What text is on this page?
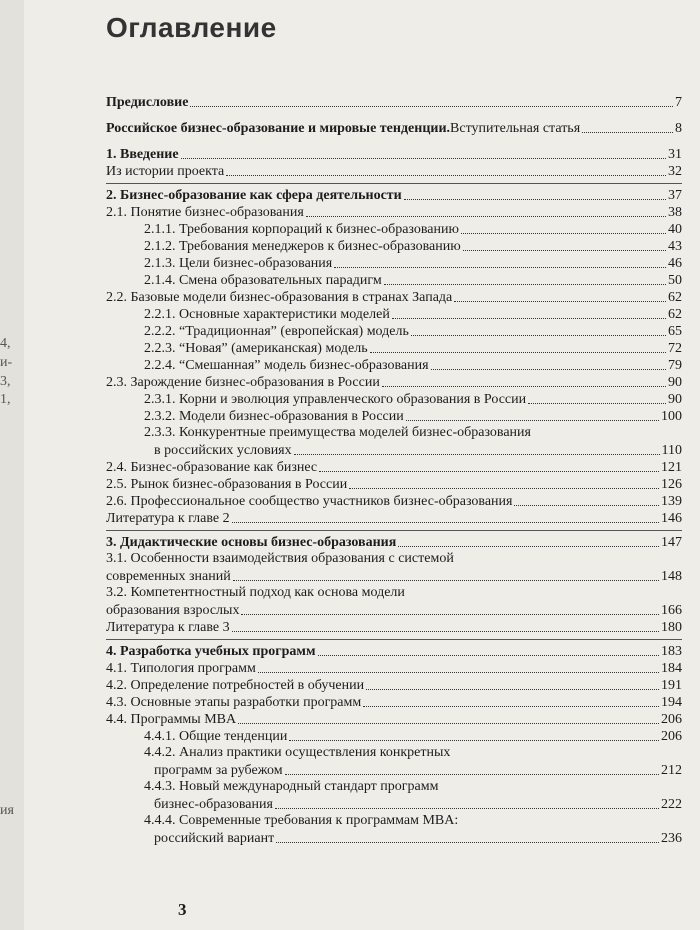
4,
и-
3,
1,
ия
Оглавление
Предисловие	7
Российское бизнес-образование и мировые тенденции. Вступительная статья	8
1. Введение	31
Из истории проекта	32
2. Бизнес-образование как сфера деятельности	37
2.1. Понятие бизнес-образования	38
2.1.1. Требования корпораций к бизнес-образованию	40
2.1.2. Требования менеджеров к бизнес-образованию	43
2.1.3. Цели бизнес-образования	46
2.1.4. Смена образовательных парадигм	50
2.2. Базовые модели бизнес-образования в странах Запада	62
2.2.1. Основные характеристики моделей	62
2.2.2. “Традиционная” (европейская) модель	65
2.2.3. “Новая” (американская) модель	72
2.2.4. “Смешанная” модель бизнес-образования	79
2.3. Зарождение бизнес-образования в России	90
2.3.1. Корни и эволюция управленческого образования в России	90
2.3.2. Модели бизнес-образования в России	100
2.3.3. Конкурентные преимущества моделей бизнес-образования
в российских условиях	110
2.4. Бизнес-образование как бизнес	121
2.5. Рынок бизнес-образования в России	126
2.6. Профессиональное сообщество участников бизнес-образования	139
Литература к главе 2	146
3. Дидактические основы бизнес-образования	147
3.1. Особенности взаимодействия образования с системой
современных знаний	148
3.2. Компетентностный подход как основа модели
образования взрослых	166
Литература к главе 3	180
4. Разработка учебных программ	183
4.1. Типология программ	184
4.2. Определение потребностей в обучении	191
4.3. Основные этапы разработки программ	194
4.4. Программы MBA	206
4.4.1. Общие тенденции	206
4.4.2. Анализ практики осуществления конкретных
программ за рубежом	212
4.4.3. Новый международный стандарт программ
бизнес-образования	222
4.4.4. Современные требования к программам MBA:
российский вариант	236
3
